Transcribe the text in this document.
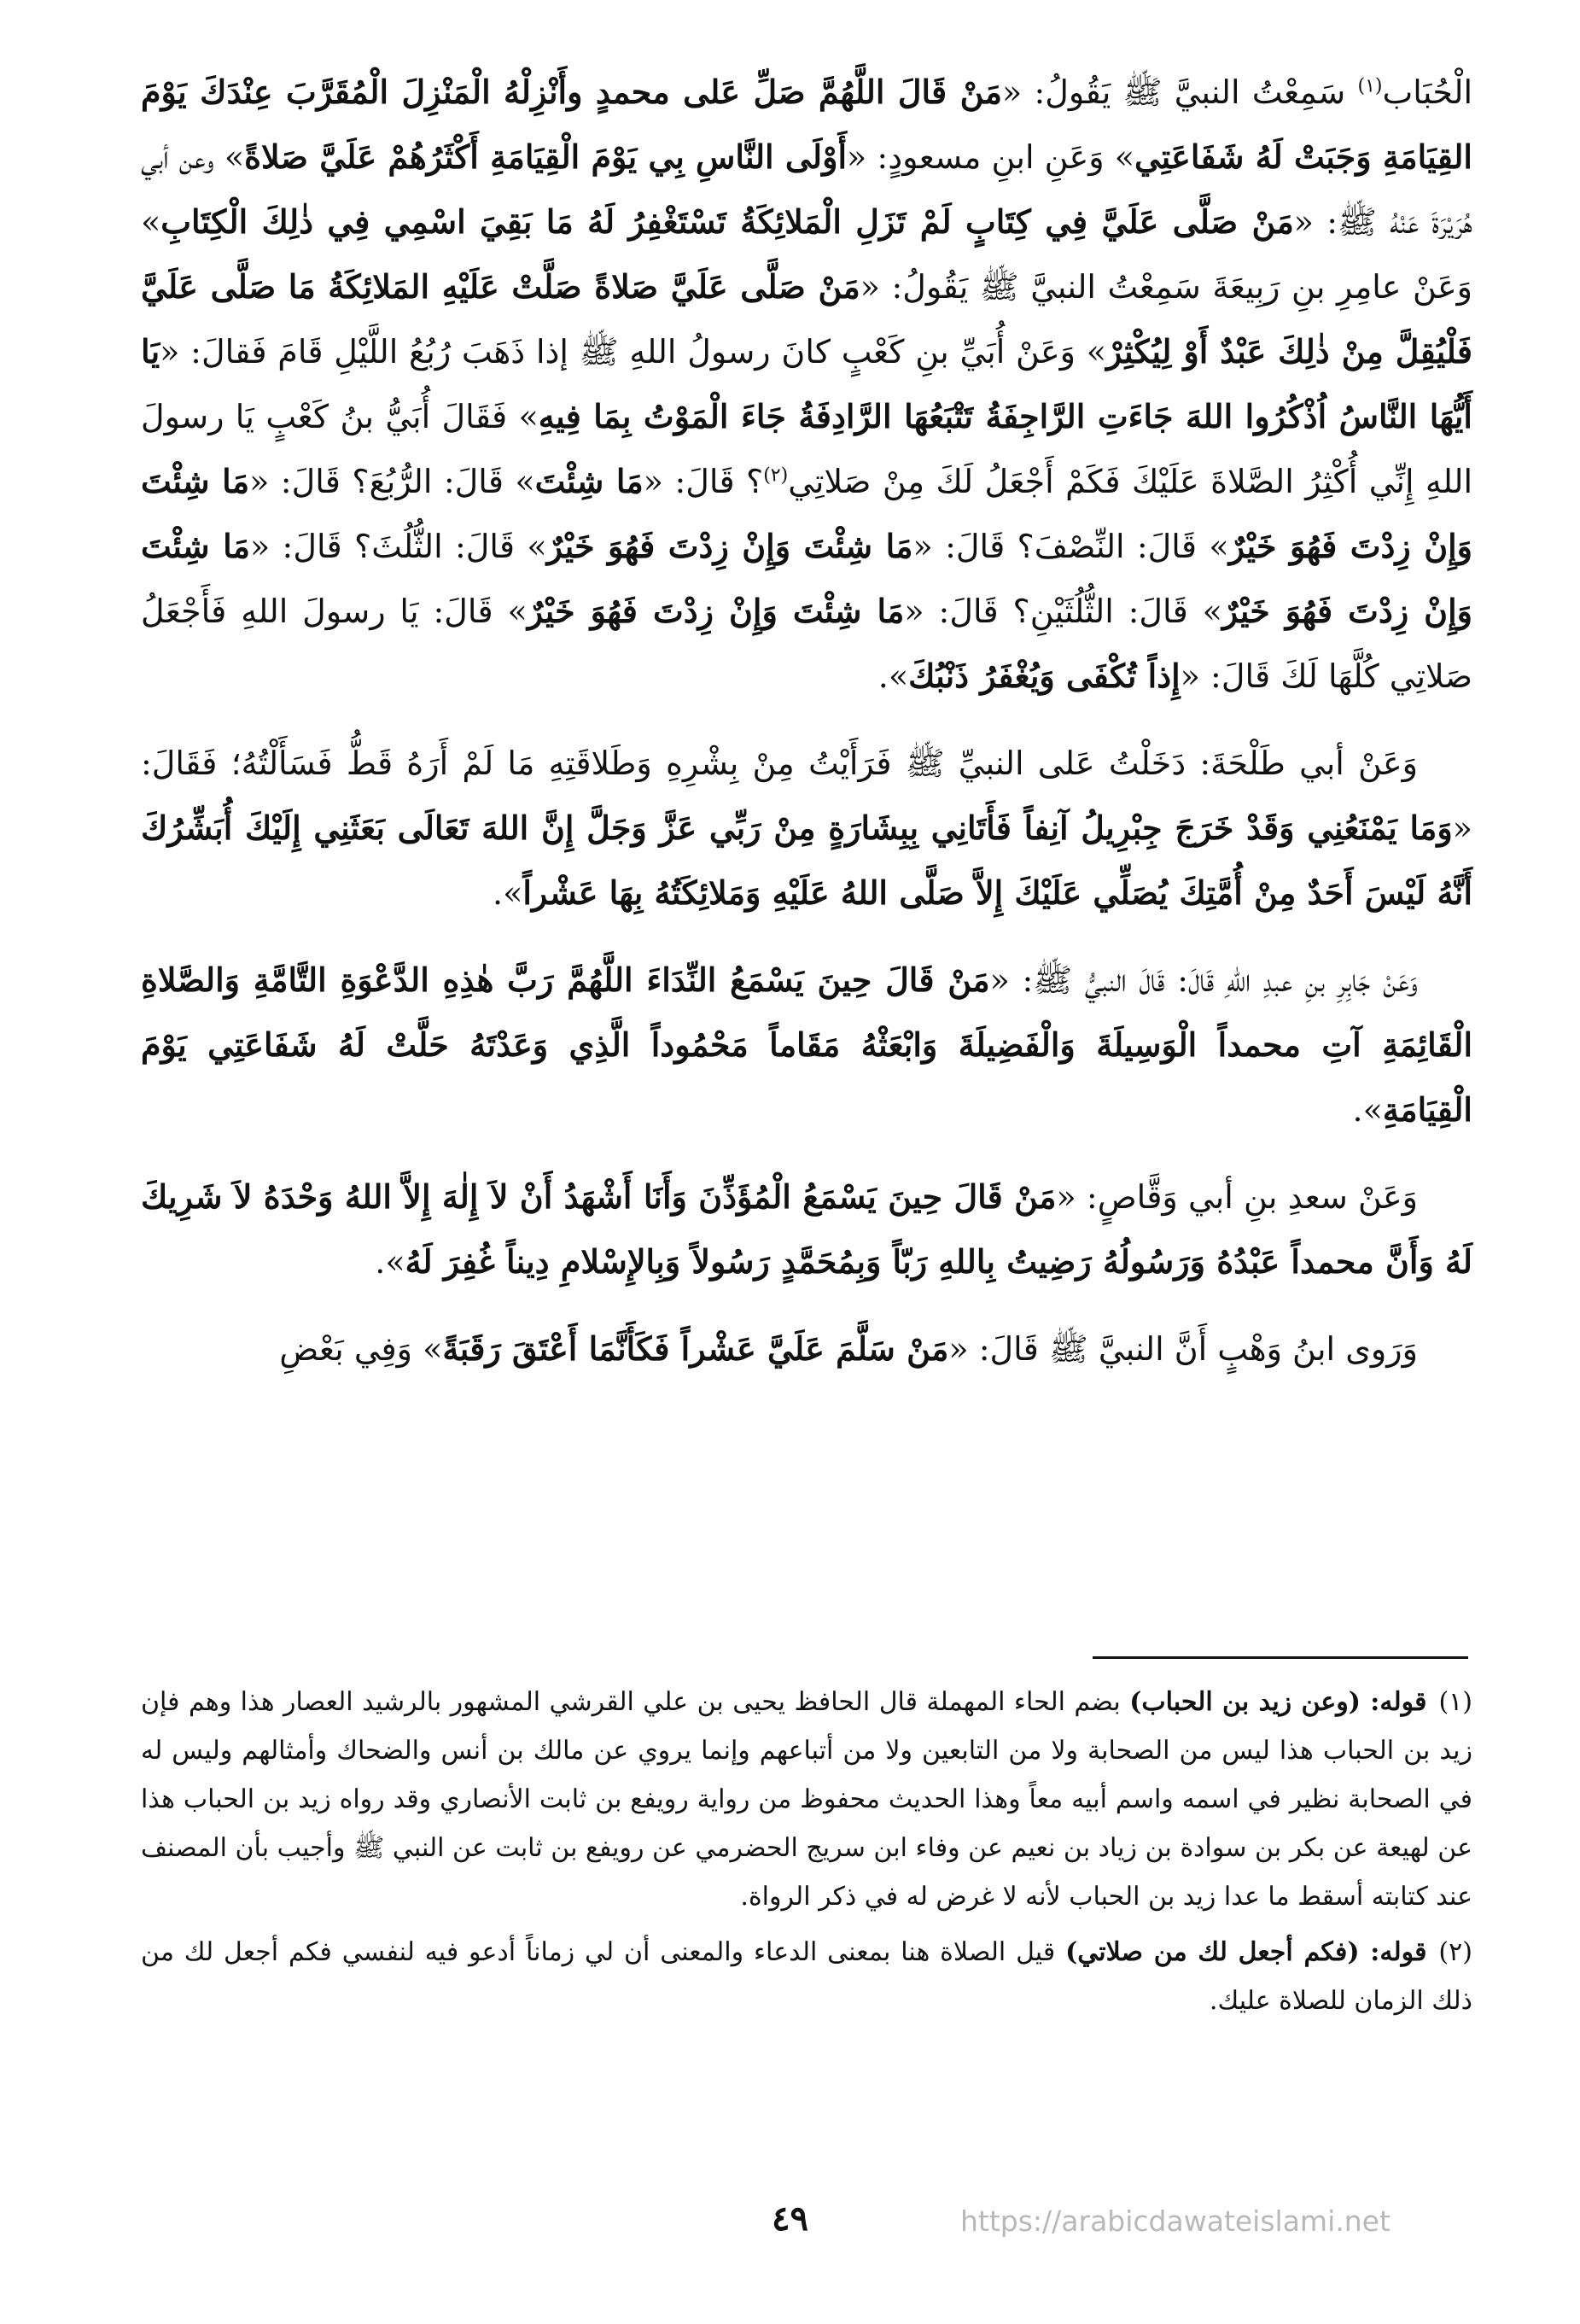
الْحُبَاب$^{(١)}$ سَمِعْتُ النبيَّ ﷺ يَقُولُ: «مَنْ قَالَ اللَّهُمَّ صَلِّ عَلى محمدٍ وأَنْزِلْهُ الْمَنْزِلَ الْمُقَرَّبَ عِنْدَكَ يَوْمَ القِيَامَةِ وَجَبَتْ لَهُ شَفَاعَتِي» وَعَنِ ابنِ مسعودٍ: «أَوْلَى النَّاسِ بِي يَوْمَ الْقِيَامَةِ أَكْثَرُهُمْ عَلَيَّ صَلاةً» وعن أبي هُرَيْرَةَ عَنْهُ ﷺ: «مَنْ صَلَّى عَلَيَّ فِي كِتَابٍ لَمْ تَزَلِ الْمَلائِكَةُ تَسْتَغْفِرُ لَهُ مَا بَقِيَ اسْمِي فِي ذٰلِكَ الْكِتَابِ» وَعَنْ عامِرِ بنِ رَبِيعَةَ سَمِعْتُ النبيَّ ﷺ يَقُولُ: «مَنْ صَلَّى عَلَيَّ صَلاةً صَلَّتْ عَلَيْهِ المَلائِكَةُ مَا صَلَّى عَلَيَّ فَلْيُقِلَّ مِنْ ذٰلِكَ عَبْدٌ أَوْ لِيُكْثِرْ» وَعَنْ أُبَيِّ بنِ كَعْبٍ كانَ رسولُ اللهِ ﷺ إذا ذَهَبَ رُبُعُ اللَّيْلِ قَامَ فَقالَ: «يَا أَيُّهَا النَّاسُ اُذْكُرُوا اللهَ جَاءَتِ الرَّاجِفَةُ تَتْبَعُهَا الرَّادِفَةُ جَاءَ الْمَوْتُ بِمَا فِيهِ» فَقَالَ أُبَيُّ بنُ كَعْبٍ يَا رسولَ اللهِ إِنِّي أُكْثِرُ الصَّلاةَ عَلَيْكَ فَكَمْ أَجْعَلُ لَكَ مِنْ صَلاتِي$^{(٢)}$؟ قَالَ: «مَا شِئْتَ» قَالَ: الرُّبُعَ؟ قَالَ: «مَا شِئْتَ وَإِنْ زِدْتَ فَهُوَ خَيْرٌ» قَالَ: النِّصْفَ؟ قَالَ: «مَا شِئْتَ وَإِنْ زِدْتَ فَهُوَ خَيْرٌ» قَالَ: الثُّلُثَ؟ قَالَ: «مَا شِئْتَ وَإِنْ زِدْتَ فَهُوَ خَيْرٌ» قَالَ: الثُّلُثَيْنِ؟ قَالَ: «مَا شِئْتَ وَإِنْ زِدْتَ فَهُوَ خَيْرٌ» قَالَ: يَا رسولَ اللهِ فَأَجْعَلُ صَلاتِي كُلَّهَا لَكَ قَالَ: «إِذاً تُكْفَى وَيُغْفَرُ ذَنْبُكَ».

وَعَنْ أبي طَلْحَةَ: دَخَلْتُ عَلى النبيِّ ﷺ فَرَأَيْتُ مِنْ بِشْرِهِ وَطَلاقَتِهِ مَا لَمْ أَرَهُ قَطُّ فَسَأَلْتُهُ؛ فَقَالَ: «وَمَا يَمْنَعُنِي وَقَدْ خَرَجَ جِبْرِيلُ آنِفاً فَأَتَانِي بِبِشَارَةٍ مِنْ رَبِّي عَزَّ وَجَلَّ إِنَّ اللهَ تَعَالَى بَعَثَنِي إِلَيْكَ أُبَشِّرُكَ أَنَّهُ لَيْسَ أَحَدٌ مِنْ أُمَّتِكَ يُصَلِّي عَلَيْكَ إِلاَّ صَلَّى اللهُ عَلَيْهِ وَمَلائِكَتُهُ بِهَا عَشْراً».

وَعَنْ جَابِرِ بنِ عبدِ اللهِ قَالَ: قَالَ النبيُّ ﷺ: «مَنْ قَالَ حِينَ يَسْمَعُ النِّدَاءَ اللَّهُمَّ رَبَّ هٰذِهِ الدَّعْوَةِ التَّامَّةِ وَالصَّلاةِ الْقَائِمَةِ آتِ محمداً الْوَسِيلَةَ وَالْفَضِيلَةَ وَابْعَثْهُ مَقَاماً مَحْمُوداً الَّذِي وَعَدْتَهُ حَلَّتْ لَهُ شَفَاعَتِي يَوْمَ الْقِيَامَةِ».

وَعَنْ سعدِ بنِ أبي وَقَّاصٍ: «مَنْ قَالَ حِينَ يَسْمَعُ الْمُؤَذِّنَ وَأَنَا أَشْهَدُ أَنْ لاَ إِلٰهَ إِلاَّ اللهُ وَحْدَهُ لاَ شَرِيكَ لَهُ وَأَنَّ محمداً عَبْدُهُ وَرَسُولُهُ رَضِيتُ بِاللهِ رَبّاً وَبِمُحَمَّدٍ رَسُولاً وَبِالإِسْلامِ دِيناً غُفِرَ لَهُ».

وَرَوى ابنُ وَهْبٍ أَنَّ النبيَّ ﷺ قَالَ: «مَنْ سَلَّمَ عَلَيَّ عَشْراً فَكَأَنَّمَا أَعْتَقَ رَقَبَةً» وَفِي بَعْضِ

(١)قوله: (وعن زيد بن الحباب) بضم الحاء المهملة قال الحافظ يحيى بن علي القرشي المشهور بالرشيد العصار هذا وهم فإن زيد بن الحباب هذا ليس من الصحابة ولا من التابعين ولا من أتباعهم وإنما يروي عن مالك بن أنس والضحاك وأمثالهم وليس له في الصحابة نظير في اسمه واسم أبيه معاً وهذا الحديث محفوظ من رواية رويفع بن ثابت الأنصاري وقد رواه زيد بن الحباب هذا عن لهيعة عن بكر بن سوادة بن زياد بن نعيم عن وفاء ابن سريج الحضرمي عن رويفع بن ثابت عن النبي ﷺ وأجيب بأن المصنف عند كتابته أسقط ما عدا زيد بن الحباب لأنه لا غرض له في ذكر الرواة.

(٢)قوله: (فكم أجعل لك من صلاتي) قيل الصلاة هنا بمعنى الدعاء والمعنى أن لي زماناً أدعو فيه لنفسي فكم أجعل لك من ذلك الزمان للصلاة عليك.

٤٩	https://arabicdawateislami.net
